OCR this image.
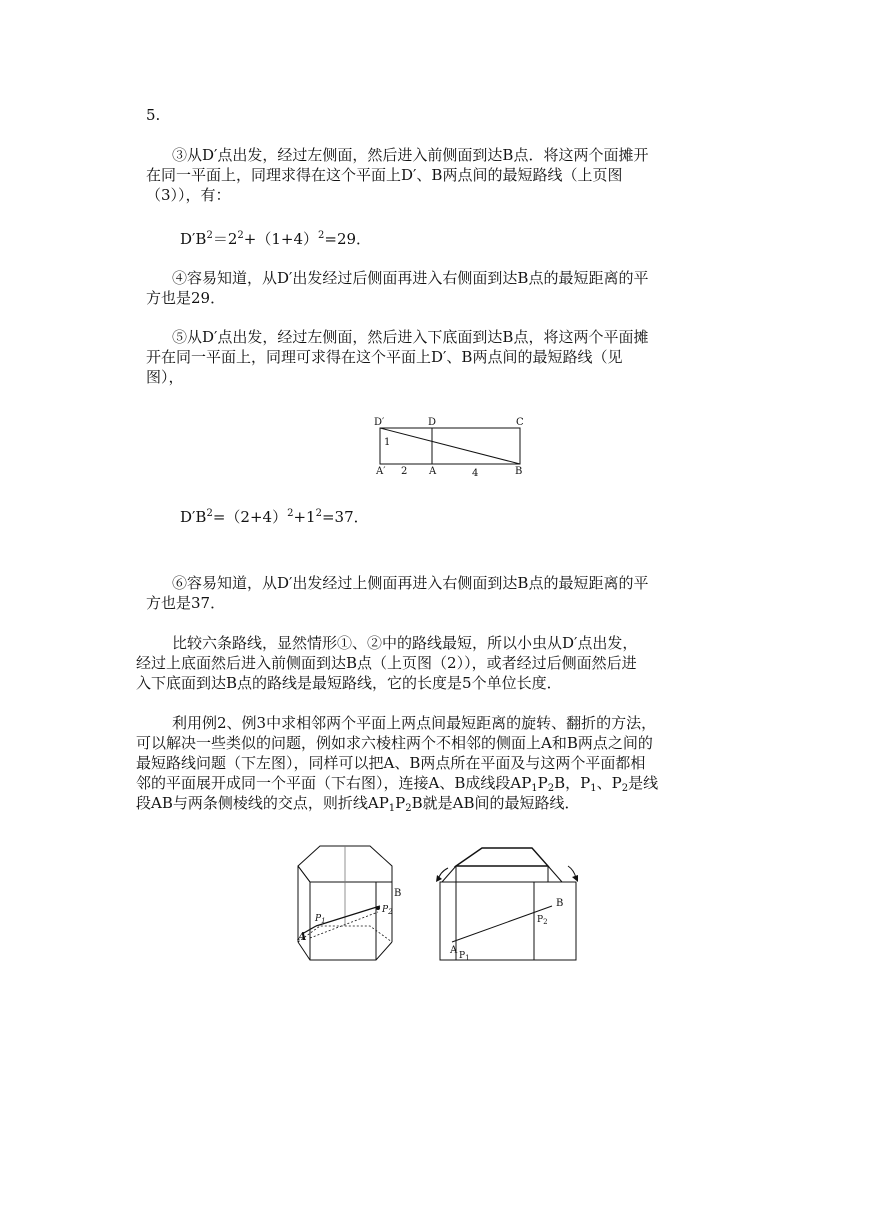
5.
③从D′点出发，经过左侧面，然后进入前侧面到达B点．将这两个面摊开
在同一平面上，同理求得在这个平面上D′、B两点间的最短路线（上页图
（3）），有：
$D'B^2=2^2+(1+4)^2=29$．
④容易知道，从D′出发经过后侧面再进入右侧面到达B点的最短距离的平
方也是29．
⑤从D′点出发，经过左侧面，然后进入下底面到达B点，将这两个平面摊
开在同一平面上，同理可求得在这个平面上D′、B两点间的最短路线（见
图），
D′	D	C
1
A′ 2 A	4	B
$D'B^2=(2+4)^2+1^2=37$．
⑥容易知道，从D′出发经过上侧面再进入右侧面到达B点的最短距离的平
方也是37．
比较六条路线，显然情形①、②中的路线最短，所以小虫从D′点出发，
经过上底面然后进入前侧面到达B点（上页图（2）），或者经过后侧面然后进
入下底面到达B点的路线是最短路线，它的长度是5个单位长度．
利用例2、例3中求相邻两个平面上两点间最短距离的旋转、翻折的方法，
可以解决一些类似的问题，例如求六棱柱两个不相邻的侧面上A和B两点之间的
最短路线问题（下左图），同样可以把A、B两点所在平面及与这两个平面都相
邻的平面展开成同一个平面（下右图），连接A、B成线段$AP_1P_2B$，$P_1$、$P_2$是线
段AB与两条侧棱线的交点，则折线$AP_1P_2B$就是AB间的最短路线．
A
$P_1$
$P_2$
B
A $P_1$
$P_2$
B
